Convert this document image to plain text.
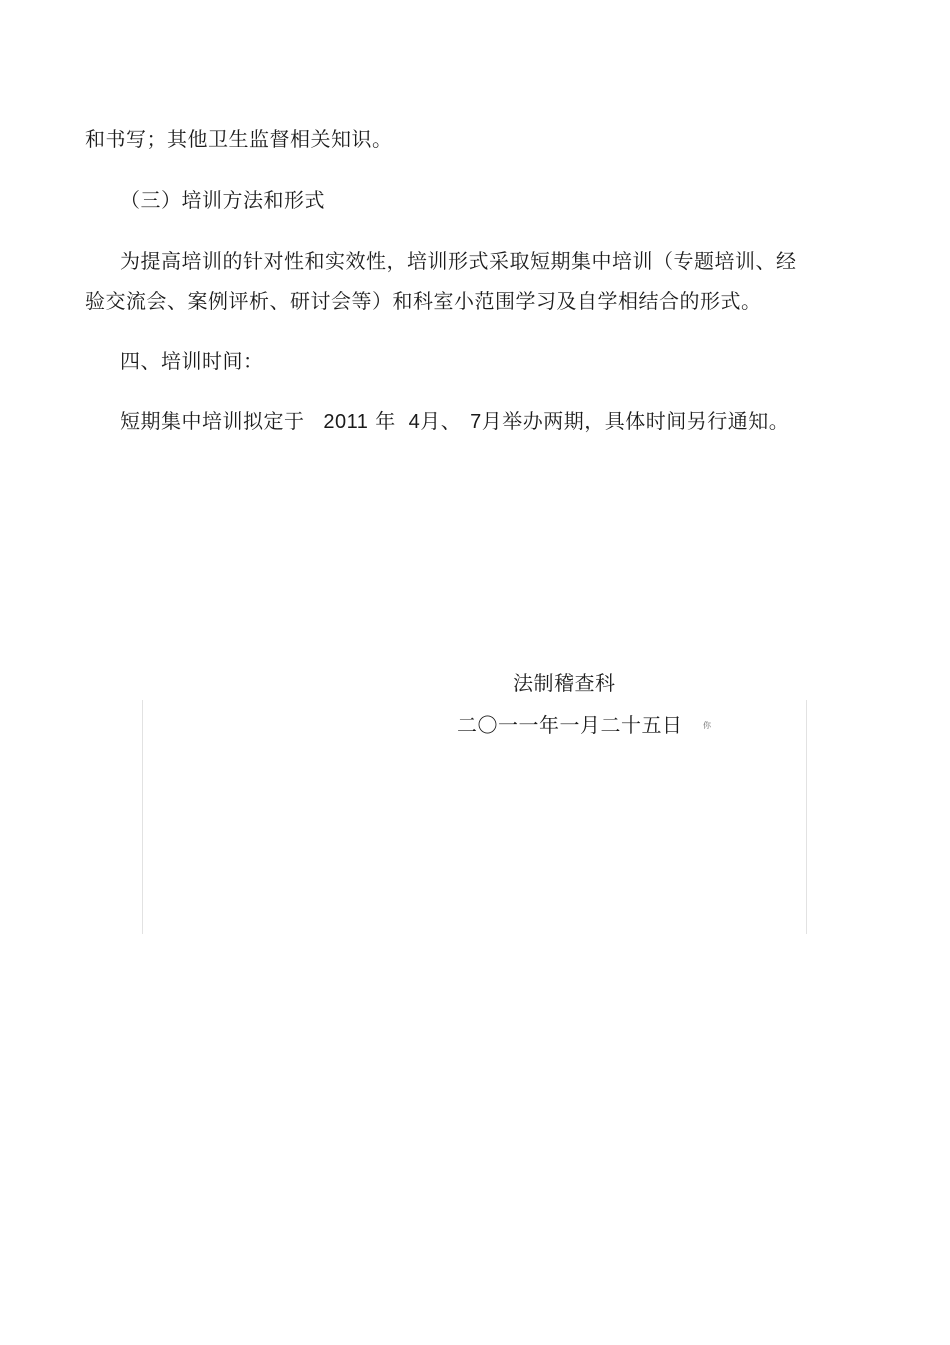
和书写；其他卫生监督相关知识。
（三）培训方法和形式
为提高培训的针对性和实效性，培训形式采取短期集中培训（专题培训、经
验交流会、案例评析、研讨会等）和科室小范围学习及自学相结合的形式。
四、培训时间：
短期集中培训拟定于 2011 年 4月、 7月举办两期，具体时间另行通知。
法制稽查科
二〇一一年一月二十五日	你
